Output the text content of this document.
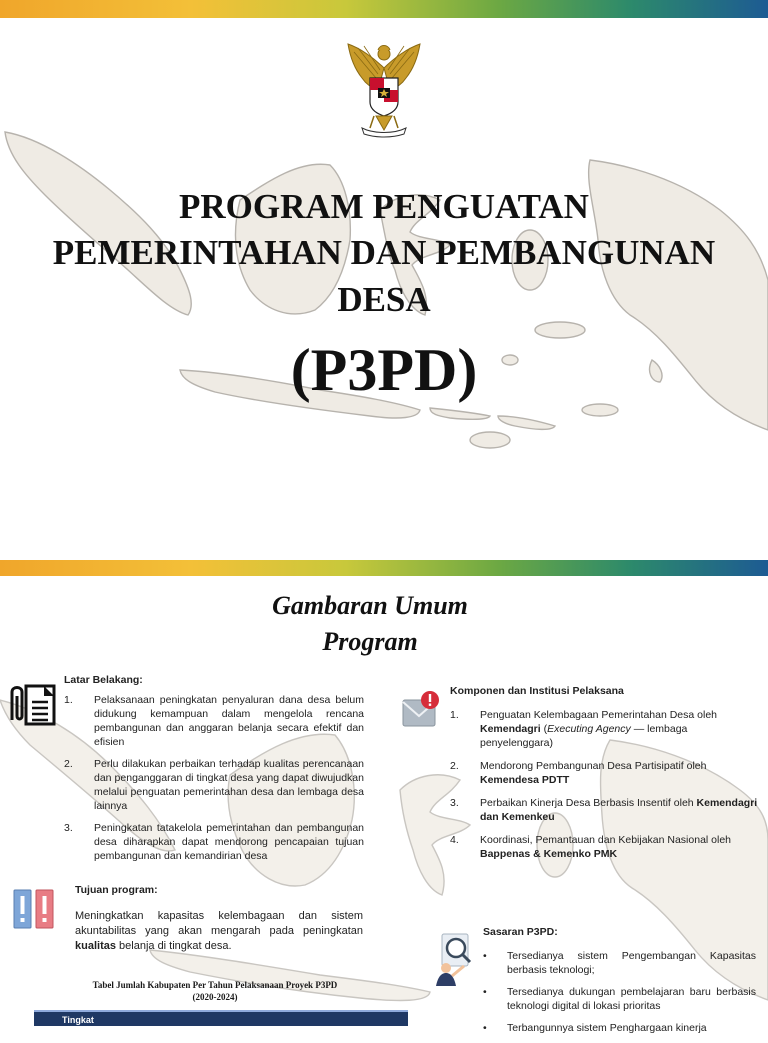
PROGRAM PENGUATAN
PEMERINTAHAN DAN PEMBANGUNAN
DESA
(P3PD)
Gambaran Umum
Program
Latar Belakang:
1. Pelaksanaan peningkatan penyaluran dana desa belum didukung kemampuan dalam mengelola rencana pembangunan dan anggaran belanja secara efektif dan efisien
2. Perlu dilakukan perbaikan terhadap kualitas perencanaan dan penganggaran di tingkat desa yang dapat diwujudkan melalui penguatan pemerintahan desa dan lembaga desa lainnya
3. Peningkatan tatakelola pemerintahan dan pembangunan desa diharapkan dapat mendorong pencapaian tujuan pembangunan dan kemandirian desa
Komponen dan Institusi Pelaksana
1. Penguatan Kelembagaan Pemerintahan Desa oleh Kemendagri (Executing Agency — lembaga penyelenggara)
2. Mendorong Pembangunan Desa Partisipatif oleh Kemendesa PDTT
3. Perbaikan Kinerja Desa Berbasis Insentif oleh Kemendagri dan Kemenkeu
4. Koordinasi, Pemantauan dan Kebijakan Nasional oleh Bappenas & Kemenko PMK
Tujuan program:
Meningkatkan kapasitas kelembagaan dan sistem akuntabilitas yang akan mengarah pada peningkatan kualitas belanja di tingkat desa.
Sasaran P3PD:
• Tersedianya sistem Pengembangan Kapasitas berbasis teknologi;
• Tersedianya dukungan pembelajaran baru berbasis teknologi digital di lokasi prioritas
• Terbangunnya sistem Penghargaan kinerja
Tabel Jumlah Kabupaten Per Tahun Pelaksanaan Proyek P3PD
(2020-2024)
Tingkat
